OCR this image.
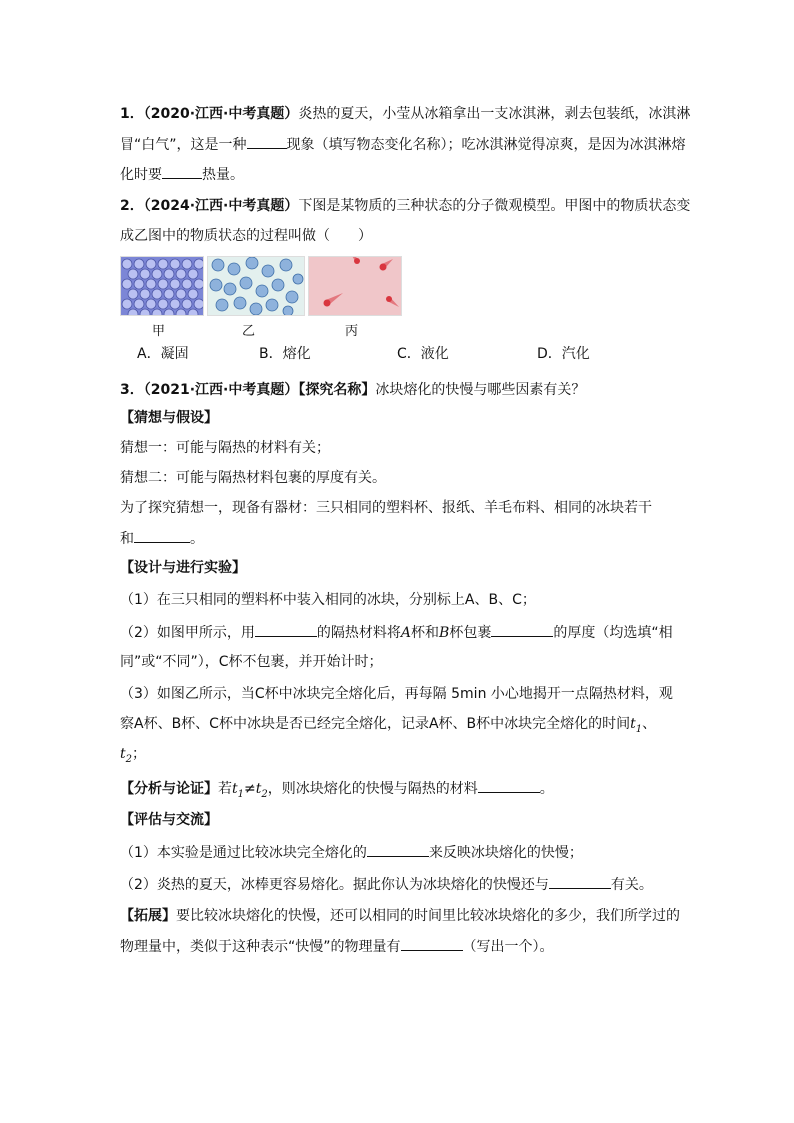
1．（2020·江西·中考真题）炎热的夏天，小莹从冰箱拿出一支冰淇淋，剥去包装纸，冰淇淋
冒“白气”，这是一种	现象（填写物态变化名称）；吃冰淇淋觉得凉爽，是因为冰淇淋熔
化时要	热量。
2．（2024·江西·中考真题）下图是某物质的三种状态的分子微观模型。甲图中的物质状态变
成乙图中的物质状态的过程叫做（　　）
甲	乙	丙
A．凝固	B．熔化	C．液化	D．汽化
3．（2021·江西·中考真题）【探究名称】冰块熔化的快慢与哪些因素有关？
【猜想与假设】
猜想一：可能与隔热的材料有关；
猜想二：可能与隔热材料包裹的厚度有关。
为了探究猜想一，现备有器材：三只相同的塑料杯、报纸、羊毛布料、相同的冰块若干
和	。
【设计与进行实验】
（1）在三只相同的塑料杯中装入相同的冰块，分别标上A、B、C；
（2）如图甲所示，用	的隔热材料将A杯和B杯包裹	的厚度（均选填“相
同”或“不同”），C杯不包裹，并开始计时；
（3）如图乙所示，当C杯中冰块完全熔化后，再每隔 5min 小心地揭开一点隔热材料，观
察A杯、B杯、C杯中冰块是否已经完全熔化，记录A杯、B杯中冰块完全熔化的时间$t_1$、
$t_2$；
【分析与论证】若$t_1\ne t_2$，则冰块熔化的快慢与隔热的材料	。
【评估与交流】
（1）本实验是通过比较冰块完全熔化的	来反映冰块熔化的快慢；
（2）炎热的夏天，冰棒更容易熔化。据此你认为冰块熔化的快慢还与	有关。
【拓展】要比较冰块熔化的快慢，还可以相同的时间里比较冰块熔化的多少，我们所学过的
物理量中，类似于这种表示“快慢”的物理量有	（写出一个）。
